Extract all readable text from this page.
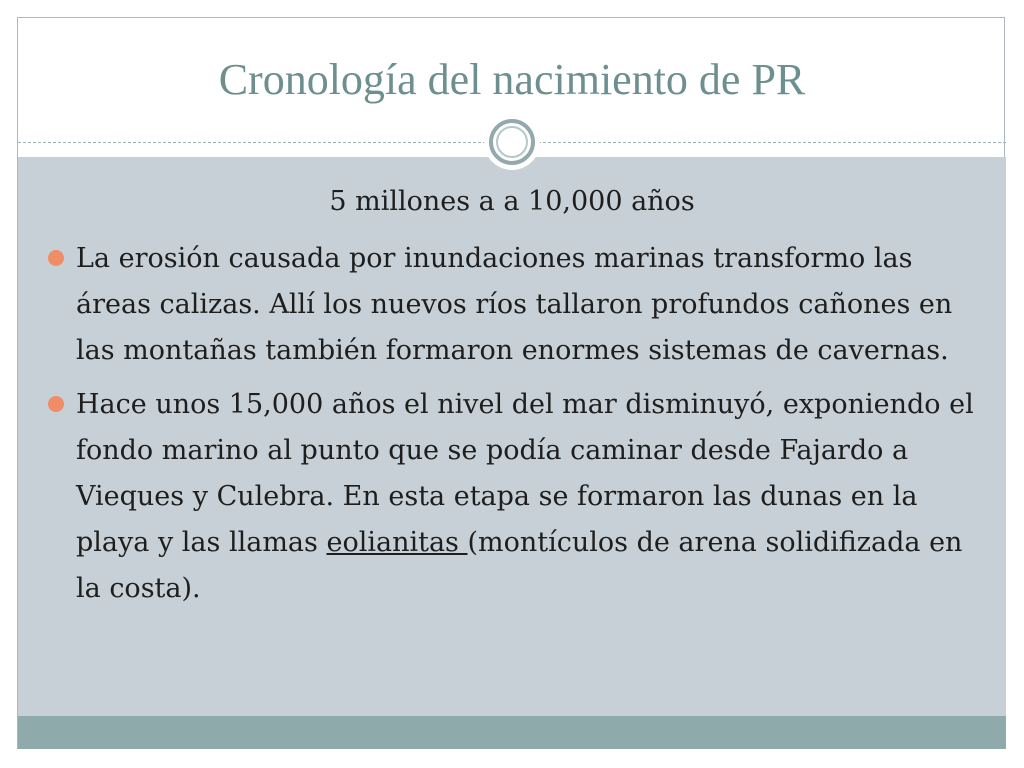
Cronología del nacimiento de PR

5 millones a a 10,000 años

La erosión causada por inundaciones marinas transformo las áreas calizas. Allí los nuevos ríos tallaron profundos cañones en las montañas también formaron enormes sistemas de cavernas.
Hace unos 15,000 años el nivel del mar disminuyó, exponiendo el fondo marino al punto que se podía caminar desde Fajardo a Vieques y Culebra. En esta etapa se formaron las dunas en la playa y las llamas eolianitas (montículos de arena solidifizada en la costa).
